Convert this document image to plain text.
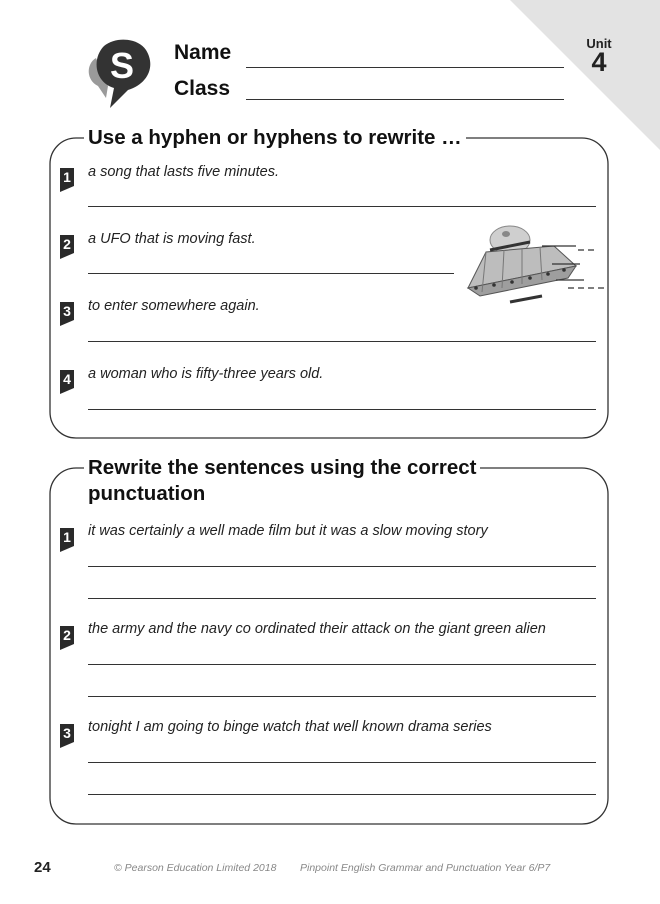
Unit
4
S Name
Class
Use a hyphen or hyphens to rewrite …
1 a song that lasts five minutes.
2 a UFO that is moving fast.
3 to enter somewhere again.
4 a woman who is fifty-three years old.
Rewrite the sentences using the correct
punctuation
1 it was certainly a well made film but it was a slow moving story
2 the army and the navy co ordinated their attack on the giant green alien
3 tonight I am going to binge watch that well known drama series
24	© Pearson Education Limited 2018 Pinpoint English Grammar and Punctuation Year 6/P7
